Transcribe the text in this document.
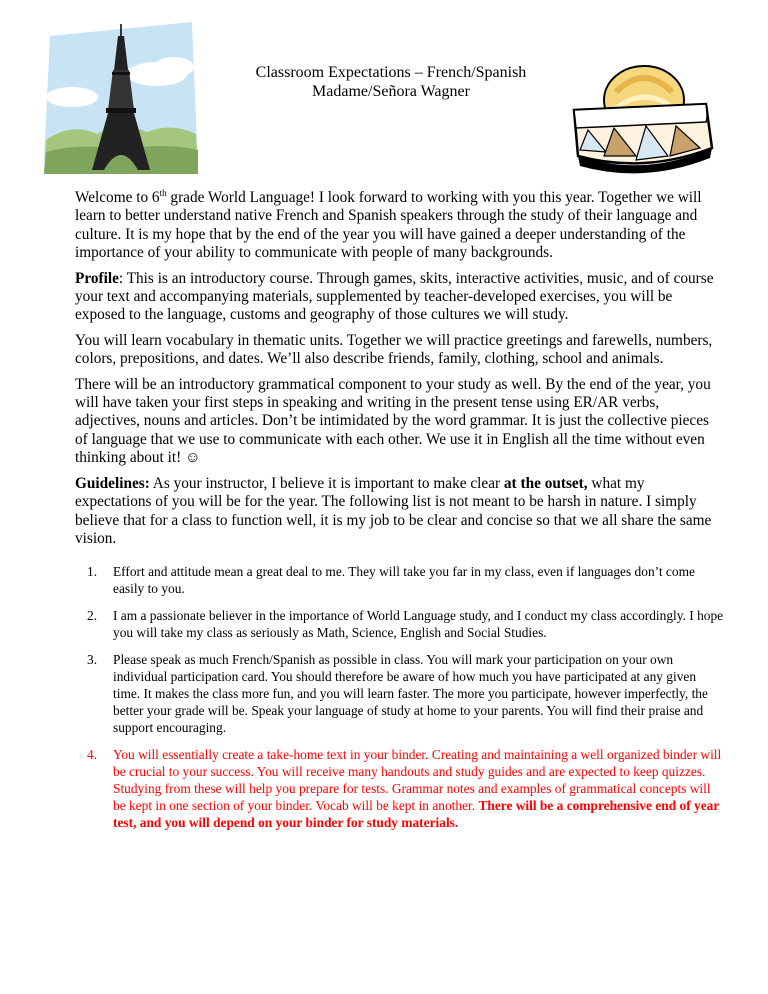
Classroom Expectations – French/Spanish
Madame/Señora Wagner

Welcome to 6th grade World Language! I look forward to working with you this year. Together we will learn to better understand native French and Spanish speakers through the study of their language and culture. It is my hope that by the end of the year you will have gained a deeper understanding of the importance of your ability to communicate with people of many backgrounds.

Profile: This is an introductory course. Through games, skits, interactive activities, music, and of course your text and accompanying materials, supplemented by teacher-developed exercises, you will be exposed to the language, customs and geography of those cultures we will study.

You will learn vocabulary in thematic units. Together we will practice greetings and farewells, numbers, colors, prepositions, and dates. We’ll also describe friends, family, clothing, school and animals.

There will be an introductory grammatical component to your study as well. By the end of the year, you will have taken your first steps in speaking and writing in the present tense using ER/AR verbs, adjectives, nouns and articles. Don’t be intimidated by the word grammar. It is just the collective pieces of language that we use to communicate with each other. We use it in English all the time without even thinking about it! ☺

Guidelines: As your instructor, I believe it is important to make clear at the outset, what my expectations of you will be for the year. The following list is not meant to be harsh in nature. I simply believe that for a class to function well, it is my job to be clear and concise so that we all share the same vision.

1. Effort and attitude mean a great deal to me. They will take you far in my class, even if languages don’t come easily to you.
2. I am a passionate believer in the importance of World Language study, and I conduct my class accordingly. I hope you will take my class as seriously as Math, Science, English and Social Studies.
3. Please speak as much French/Spanish as possible in class. You will mark your participation on your own individual participation card. You should therefore be aware of how much you have participated at any given time. It makes the class more fun, and you will learn faster. The more you participate, however imperfectly, the better your grade will be. Speak your language of study at home to your parents. You will find their praise and support encouraging.
4. You will essentially create a take-home text in your binder. Creating and maintaining a well organized binder will be crucial to your success. You will receive many handouts and study guides and are expected to keep quizzes. Studying from these will help you prepare for tests. Grammar notes and examples of grammatical concepts will be kept in one section of your binder. Vocab will be kept in another. There will be a comprehensive end of year test, and you will depend on your binder for study materials.
